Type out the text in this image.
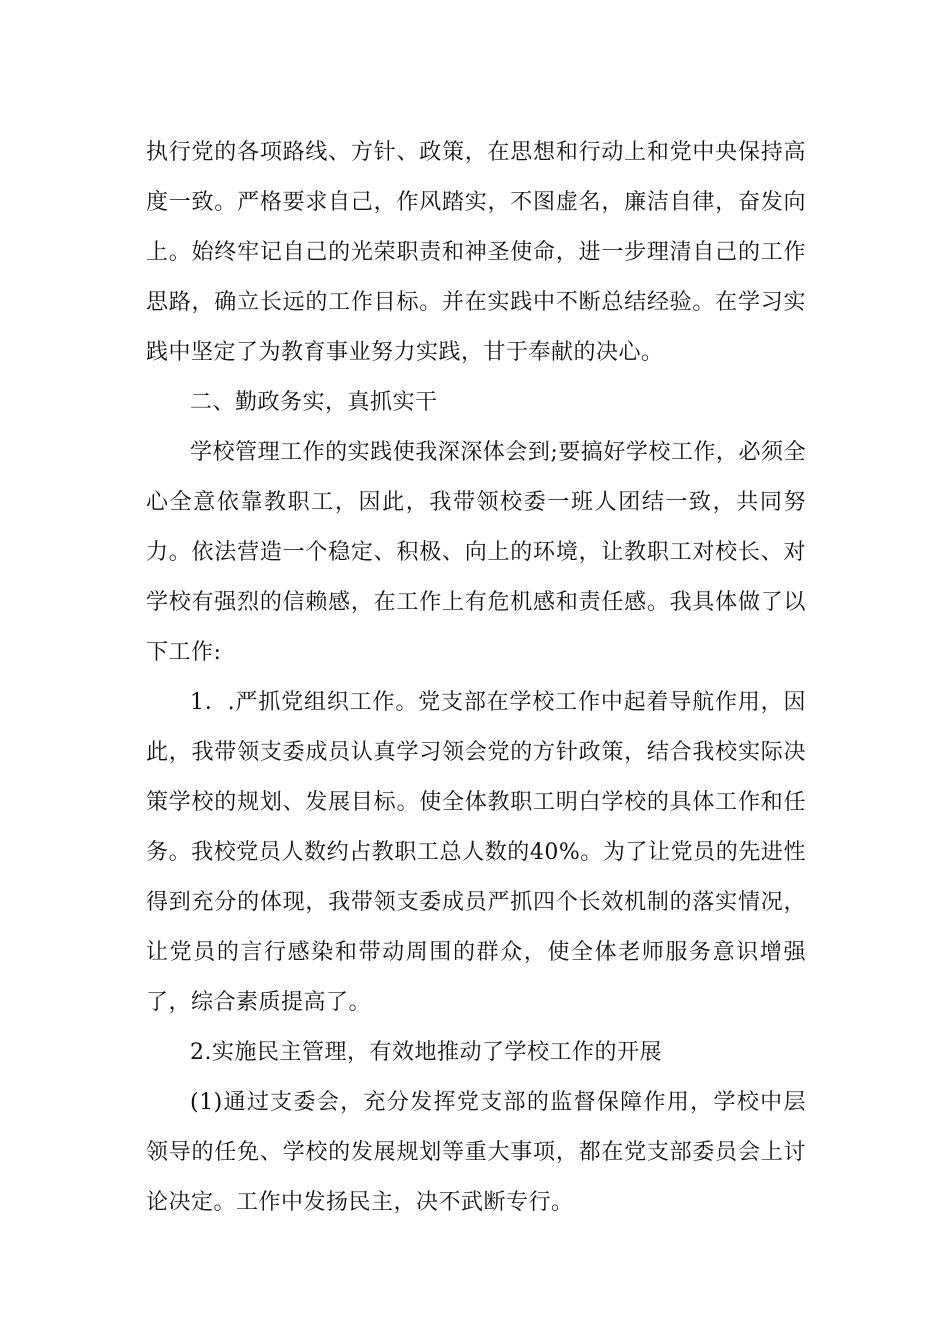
执行党的各项路线、方针、政策，在思想和行动上和党中央保持高度一致。严格要求自己，作风踏实，不图虚名，廉洁自律，奋发向上。始终牢记自己的光荣职责和神圣使命，进一步理清自己的工作思路，确立长远的工作目标。并在实践中不断总结经验。在学习实践中坚定了为教育事业努力实践，甘于奉献的决心。

二、勤政务实，真抓实干

学校管理工作的实践使我深深体会到;要搞好学校工作，必须全心全意依靠教职工，因此，我带领校委一班人团结一致，共同努力。依法营造一个稳定、积极、向上的环境，让教职工对校长、对学校有强烈的信赖感，在工作上有危机感和责任感。我具体做了以下工作:

1．.严抓党组织工作。党支部在学校工作中起着导航作用，因此，我带领支委成员认真学习领会党的方针政策，结合我校实际决策学校的规划、发展目标。使全体教职工明白学校的具体工作和任务。我校党员人数约占教职工总人数的40%。为了让党员的先进性得到充分的体现，我带领支委成员严抓四个长效机制的落实情况，让党员的言行感染和带动周围的群众，使全体老师服务意识增强了，综合素质提高了。

2.实施民主管理，有效地推动了学校工作的开展

(1)通过支委会，充分发挥党支部的监督保障作用，学校中层领导的任免、学校的发展规划等重大事项，都在党支部委员会上讨论决定。工作中发扬民主，决不武断专行。
